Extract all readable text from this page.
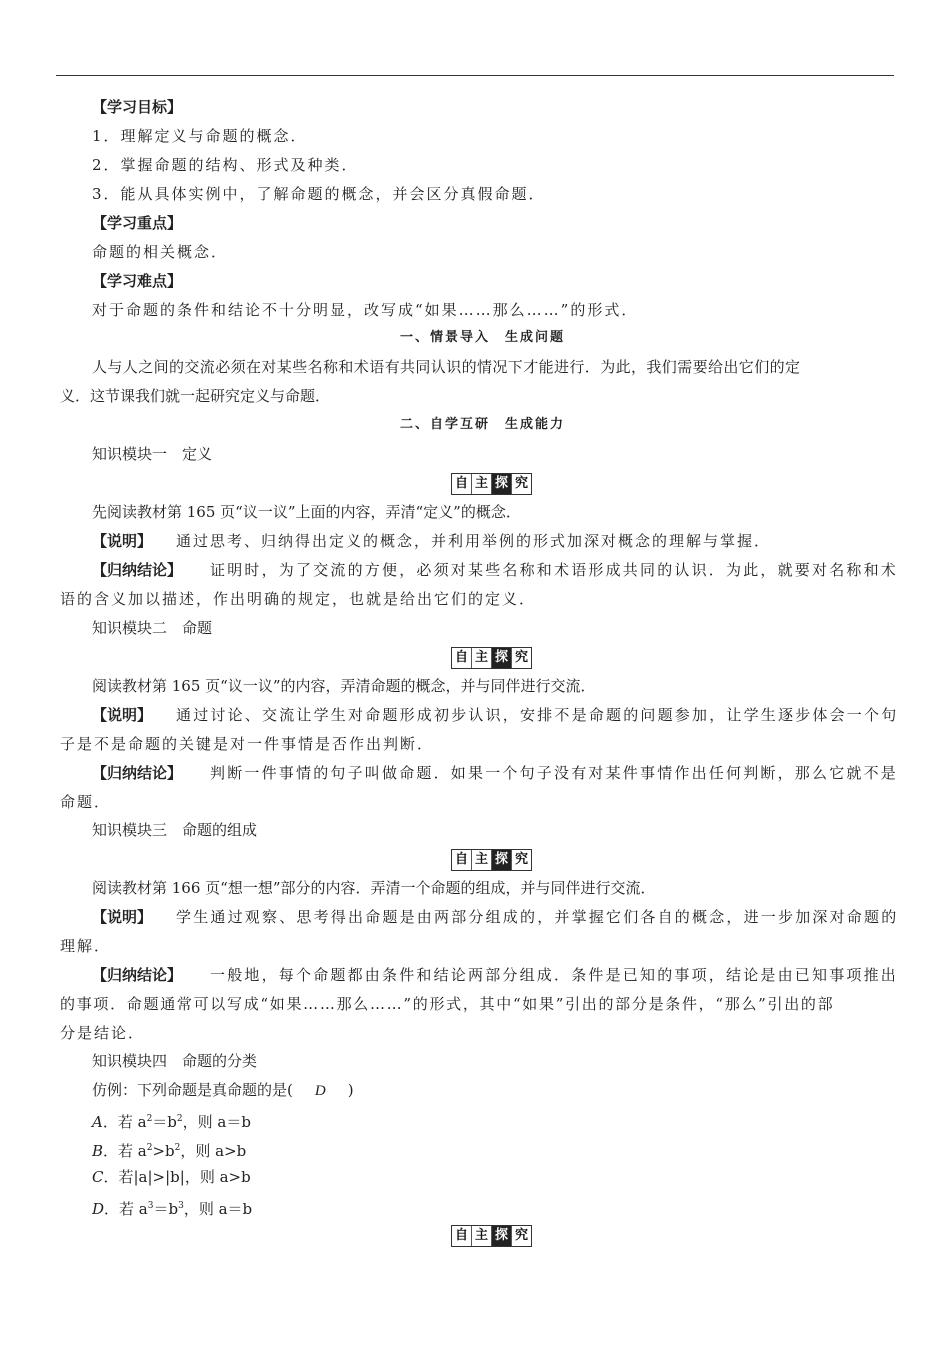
【学习目标】
1．理解定义与命题的概念．
2．掌握命题的结构、形式及种类．
3．能从具体实例中，了解命题的概念，并会区分真假命题．
【学习重点】
命题的相关概念．
【学习难点】
对于命题的条件和结论不十分明显，改写成“如果……那么……”的形式．
一、情景导入　生成问题
人与人之间的交流必须在对某些名称和术语有共同认识的情况下才能进行．为此，我们需要给出它们的定
义．这节课我们就一起研究定义与命题．
二、自学互研　生成能力
知识模块一　定义
自 主 探 究
先阅读教材第 165 页“议一议”上面的内容，弄清“定义”的概念．
【说明】 通过思考、归纳得出定义的概念，并利用举例的形式加深对概念的理解与掌握．
【归纳结论】 证明时，为了交流的方便，必须对某些名称和术语形成共同的认识．为此，就要对名称和术
语的含义加以描述，作出明确的规定，也就是给出它们的定义．
知识模块二　命题
自 主 探 究
阅读教材第 165 页“议一议”的内容，弄清命题的概念，并与同伴进行交流．
【说明】 通过讨论、交流让学生对命题形成初步认识，安排不是命题的问题参加，让学生逐步体会一个句
子是不是命题的关键是对一件事情是否作出判断．
【归纳结论】 判断一件事情的句子叫做命题．如果一个句子没有对某件事情作出任何判断，那么它就不是
命题．
知识模块三　命题的组成
自 主 探 究
阅读教材第 166 页“想一想”部分的内容．弄清一个命题的组成，并与同伴进行交流．
【说明】 学生通过观察、思考得出命题是由两部分组成的，并掌握它们各自的概念，进一步加深对命题的
理解．
【归纳结论】 一般地，每个命题都由条件和结论两部分组成．条件是已知的事项，结论是由已知事项推出
的事项．命题通常可以写成“如果……那么……”的形式，其中“如果”引出的部分是条件，“那么”引出的部
分是结论．
知识模块四　命题的分类
仿例：下列命题是真命题的是( D )
A．若 $a^2=b^2$，则 a＝b
B．若 $a^2>b^2$，则 a>b
C．若|a|>|b|，则 a>b
D．若 $a^3=b^3$，则 a＝b
自 主 探 究
